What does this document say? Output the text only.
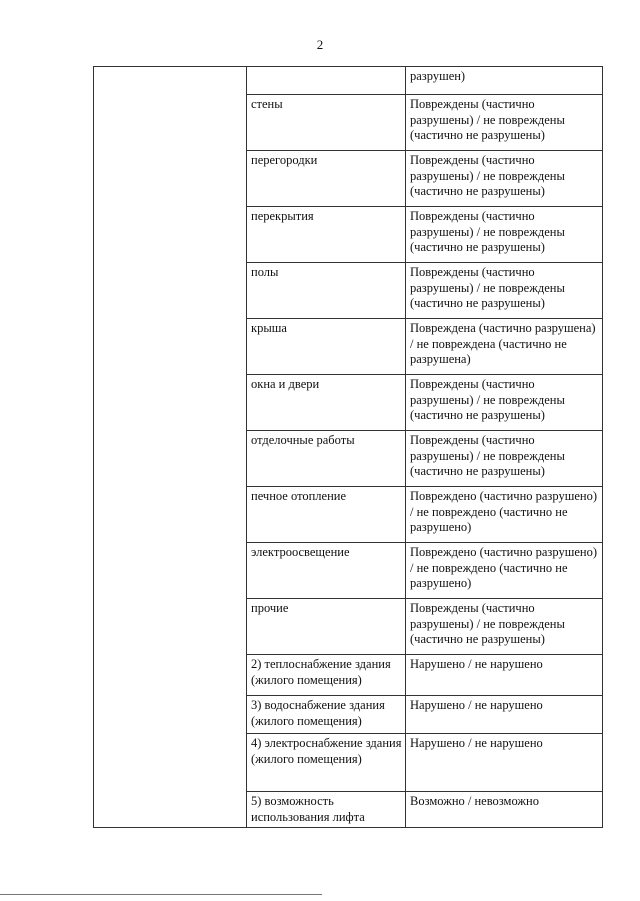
2
		разрушен)
	стены	Повреждены (частично разрушены) / не повреждены (частично не разрушены)
	перегородки	Повреждены (частично разрушены) / не повреждены (частично не разрушены)
	перекрытия	Повреждены (частично разрушены) / не повреждены (частично не разрушены)
	полы	Повреждены (частично разрушены) / не повреждены (частично не разрушены)
	крыша	Повреждена (частично разрушена) / не повреждена (частично не разрушена)
	окна и двери	Повреждены (частично разрушены) / не повреждены (частично не разрушены)
	отделочные работы	Повреждены (частично разрушены) / не повреждены (частично не разрушены)
	печное отопление	Повреждено (частично разрушено) / не повреждено (частично не разрушено)
	электроосвещение	Повреждено (частично разрушено) / не повреждено (частично не разрушено)
	прочие	Повреждены (частично разрушены) / не повреждены (частично не разрушены)
	2) теплоснабжение здания (жилого помещения)	Нарушено / не нарушено
	3) водоснабжение здания (жилого помещения)	Нарушено / не нарушено
	4) электроснабжение здания (жилого помещения)	Нарушено / не нарушено
	5) возможность использования лифта	Возможно / невозможно
